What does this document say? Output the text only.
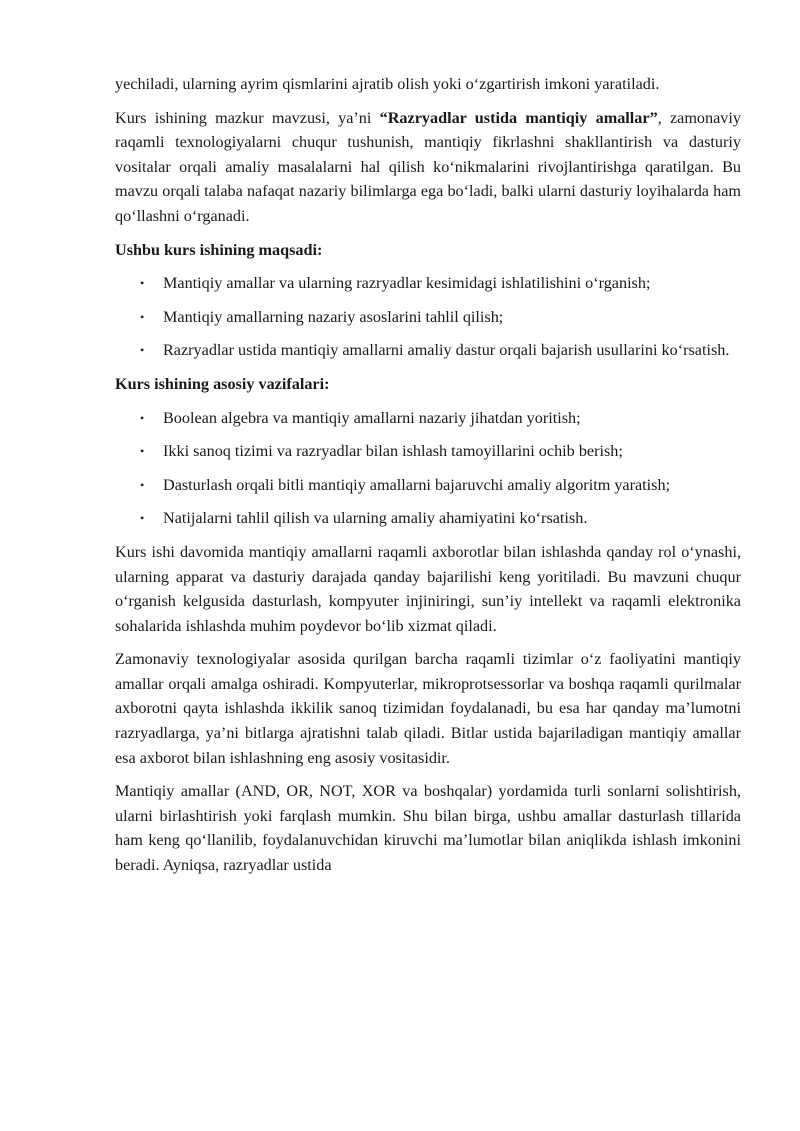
yechiladi, ularning ayrim qismlarini ajratib olish yoki o‘zgartirish imkoni yaratiladi.

Kurs ishining mazkur mavzusi, ya’ni “Razryadlar ustida mantiqiy amallar”, zamonaviy raqamli texnologiyalarni chuqur tushunish, mantiqiy fikrlashni shakllantirish va dasturiy vositalar orqali amaliy masalalarni hal qilish ko‘nikmalarini rivojlantirishga qaratilgan. Bu mavzu orqali talaba nafaqat nazariy bilimlarga ega bo‘ladi, balki ularni dasturiy loyihalarda ham qo‘llashni o‘rganadi.

Ushbu kurs ishining maqsadi:
• Mantiqiy amallar va ularning razryadlar kesimidagi ishlatilishini o‘rganish;
• Mantiqiy amallarning nazariy asoslarini tahlil qilish;
• Razryadlar ustida mantiqiy amallarni amaliy dastur orqali bajarish usullarini ko‘rsatish.
Kurs ishining asosiy vazifalari:
• Boolean algebra va mantiqiy amallarni nazariy jihatdan yoritish;
• Ikki sanoq tizimi va razryadlar bilan ishlash tamoyillarini ochib berish;
• Dasturlash orqali bitli mantiqiy amallarni bajaruvchi amaliy algoritm yaratish;
• Natijalarni tahlil qilish va ularning amaliy ahamiyatini ko‘rsatish.

Kurs ishi davomida mantiqiy amallarni raqamli axborotlar bilan ishlashda qanday rol o‘ynashi, ularning apparat va dasturiy darajada qanday bajarilishi keng yoritiladi. Bu mavzuni chuqur o‘rganish kelgusida dasturlash, kompyuter injiniringi, sun’iy intellekt va raqamli elektronika sohalarida ishlashda muhim poydevor bo‘lib xizmat qiladi.

Zamonaviy texnologiyalar asosida qurilgan barcha raqamli tizimlar o‘z faoliyatini mantiqiy amallar orqali amalga oshiradi. Kompyuterlar, mikroprotsessorlar va boshqa raqamli qurilmalar axborotni qayta ishlashda ikkilik sanoq tizimidan foydalanadi, bu esa har qanday ma’lumotni razryadlarga, ya’ni bitlarga ajratishni talab qiladi. Bitlar ustida bajariladigan mantiqiy amallar esa axborot bilan ishlashning eng asosiy vositasidir.

Mantiqiy amallar (AND, OR, NOT, XOR va boshqalar) yordamida turli sonlarni solishtirish, ularni birlashtirish yoki farqlash mumkin. Shu bilan birga, ushbu amallar dasturlash tillarida ham keng qo‘llanilib, foydalanuvchidan kiruvchi ma’lumotlar bilan aniqlikda ishlash imkonini beradi. Ayniqsa, razryadlar ustida
